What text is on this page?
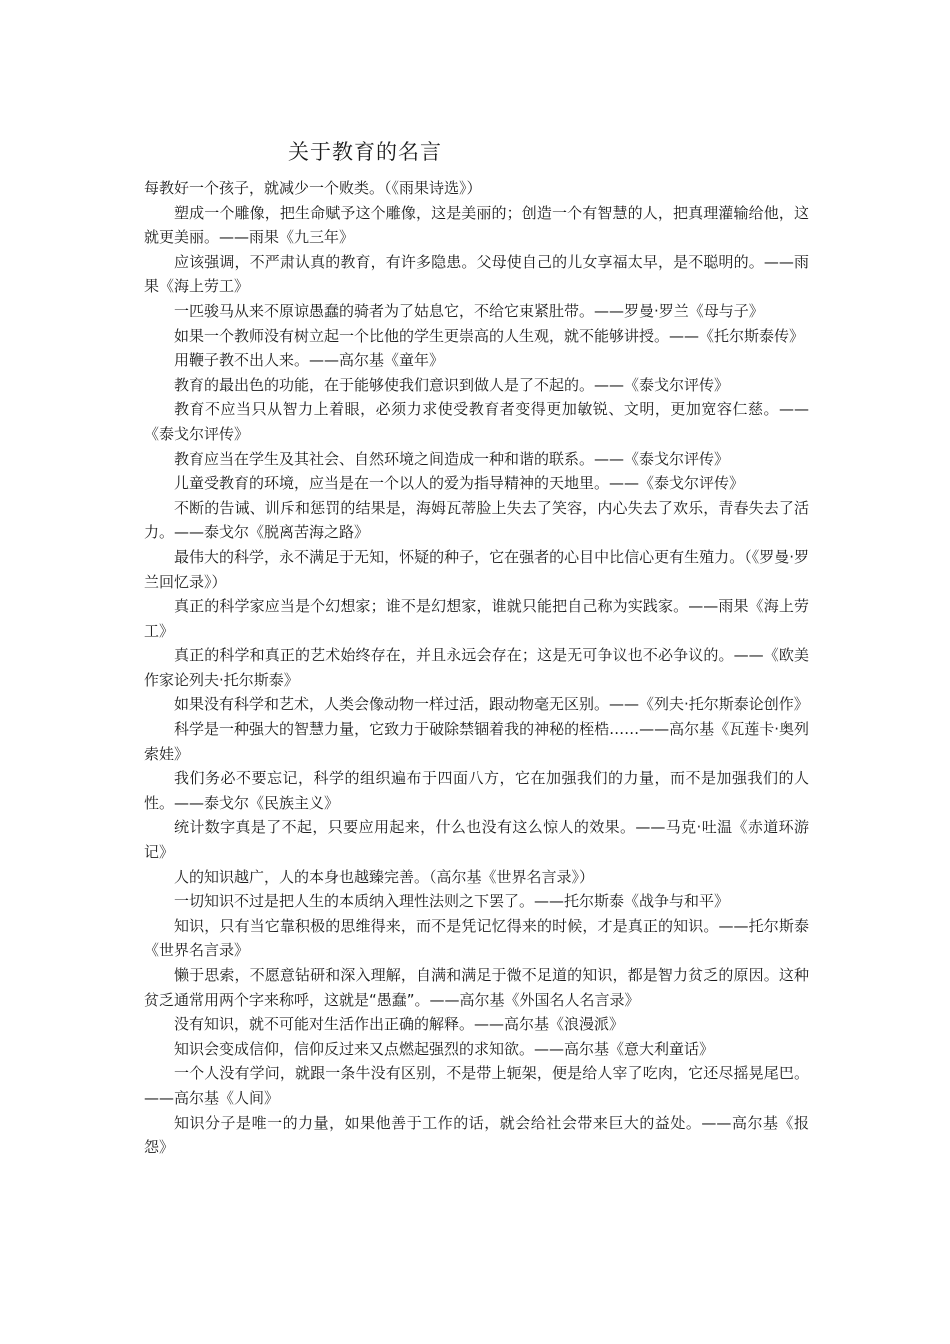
关于教育的名言

每教好一个孩子，就减少一个败类。（《雨果诗选》）

塑成一个雕像，把生命赋予这个雕像，这是美丽的；创造一个有智慧的人，把真理灌输给他，这就更美丽。——雨果《九三年》

应该强调，不严肃认真的教育，有许多隐患。父母使自己的儿女享福太早，是不聪明的。——雨果《海上劳工》

一匹骏马从来不原谅愚蠢的骑者为了姑息它，不给它束紧肚带。——罗曼·罗兰《母与子》

如果一个教师没有树立起一个比他的学生更崇高的人生观，就不能够讲授。——《托尔斯泰传》

用鞭子教不出人来。——高尔基《童年》

教育的最出色的功能，在于能够使我们意识到做人是了不起的。——《泰戈尔评传》

教育不应当只从智力上着眼，必须力求使受教育者变得更加敏锐、文明，更加宽容仁慈。——《泰戈尔评传》

教育应当在学生及其社会、自然环境之间造成一种和谐的联系。——《泰戈尔评传》

儿童受教育的环境，应当是在一个以人的爱为指导精神的天地里。——《泰戈尔评传》

不断的告诫、训斥和惩罚的结果是，海姆瓦蒂脸上失去了笑容，内心失去了欢乐，青春失去了活力。——泰戈尔《脱离苦海之路》

最伟大的科学，永不满足于无知，怀疑的种子，它在强者的心目中比信心更有生殖力。（《罗曼·罗兰回忆录》）

真正的科学家应当是个幻想家；谁不是幻想家，谁就只能把自己称为实践家。——雨果《海上劳工》

真正的科学和真正的艺术始终存在，并且永远会存在；这是无可争议也不必争议的。——《欧美作家论列夫·托尔斯泰》

如果没有科学和艺术，人类会像动物一样过活，跟动物毫无区别。——《列夫·托尔斯泰论创作》

科学是一种强大的智慧力量，它致力于破除禁锢着我的神秘的桎梏……——高尔基《瓦莲卡·奥列索娃》

我们务必不要忘记，科学的组织遍布于四面八方，它在加强我们的力量，而不是加强我们的人性。——泰戈尔《民族主义》

统计数字真是了不起，只要应用起来，什么也没有这么惊人的效果。——马克·吐温《赤道环游记》

人的知识越广，人的本身也越臻完善。（高尔基《世界名言录》）

一切知识不过是把人生的本质纳入理性法则之下罢了。——托尔斯泰《战争与和平》

知识，只有当它靠积极的思维得来，而不是凭记忆得来的时候，才是真正的知识。——托尔斯泰《世界名言录》

懒于思索，不愿意钻研和深入理解，自满和满足于微不足道的知识，都是智力贫乏的原因。这种贫乏通常用两个字来称呼，这就是“愚蠢”。——高尔基《外国名人名言录》

没有知识，就不可能对生活作出正确的解释。——高尔基《浪漫派》

知识会变成信仰，信仰反过来又点燃起强烈的求知欲。——高尔基《意大利童话》

一个人没有学问，就跟一条牛没有区别，不是带上轭架，便是给人宰了吃肉，它还尽摇晃尾巴。——高尔基《人间》

知识分子是唯一的力量，如果他善于工作的话，就会给社会带来巨大的益处。——高尔基《报怨》
